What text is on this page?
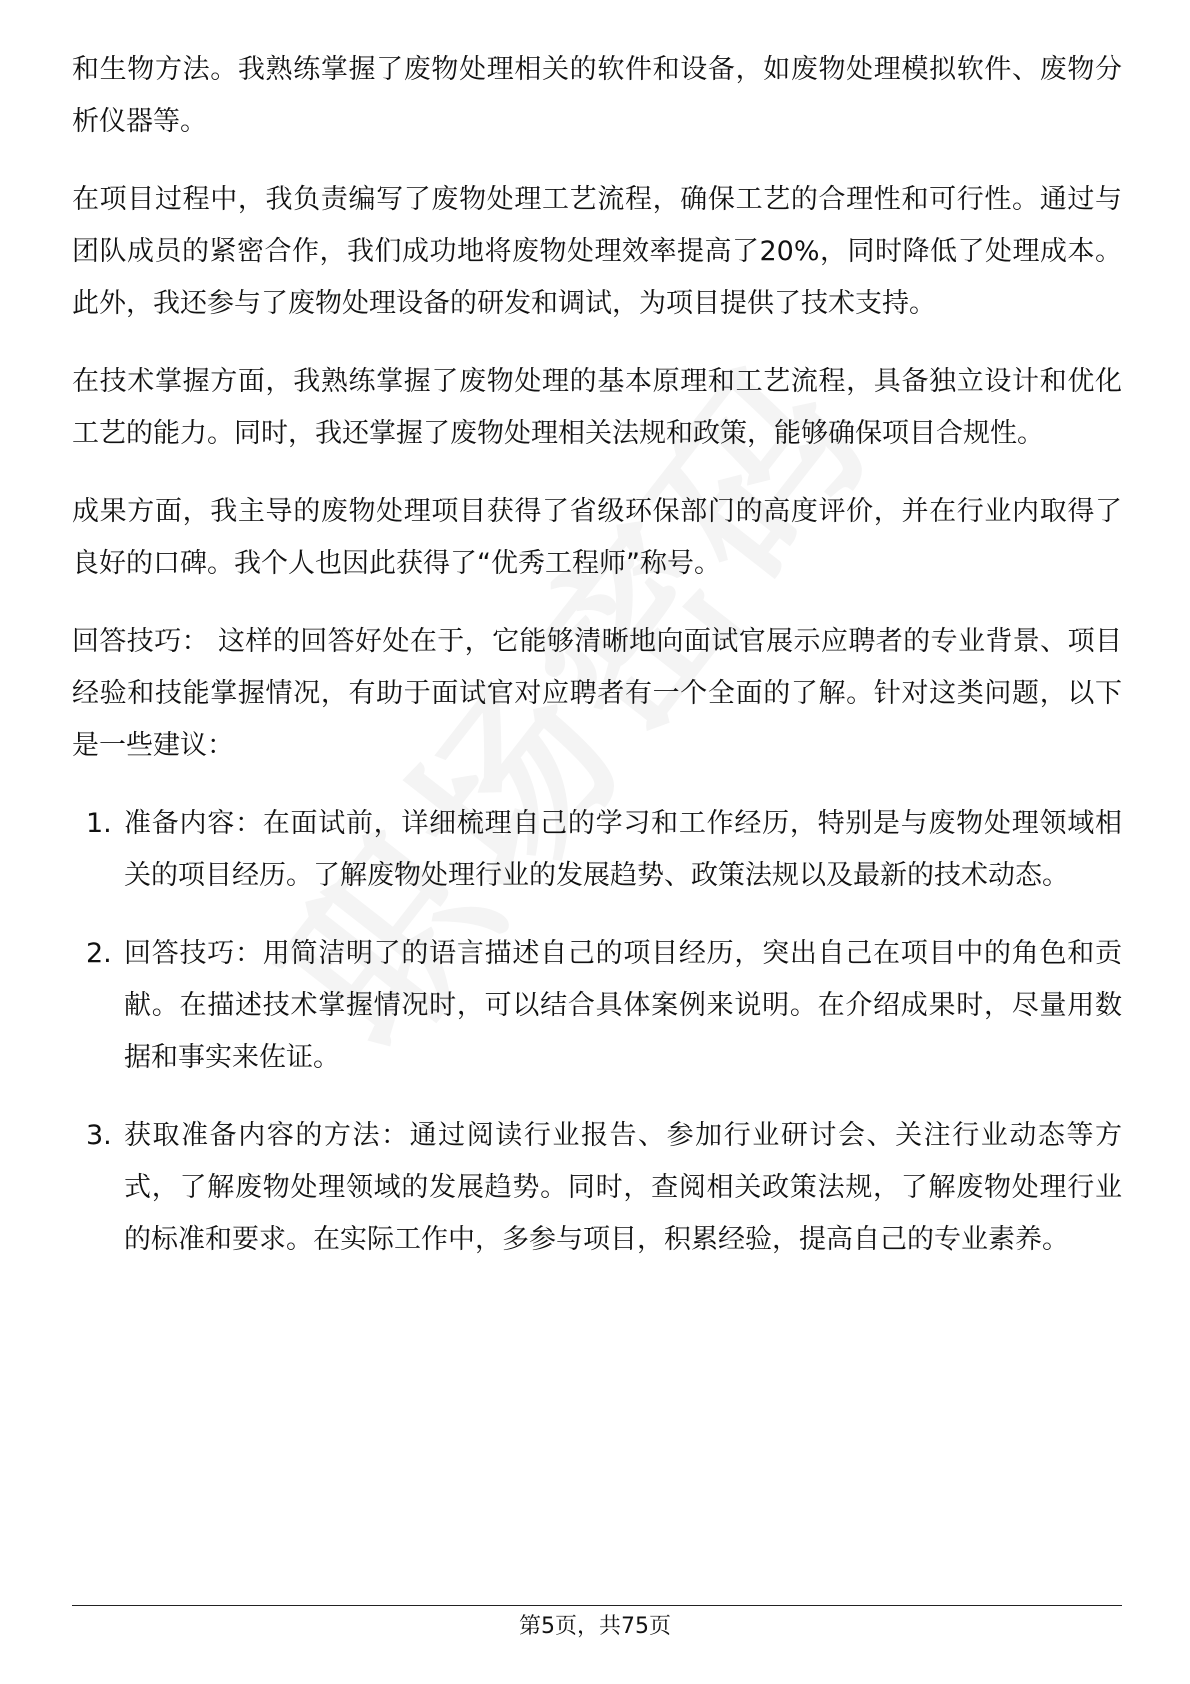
和生物方法。我熟练掌握了废物处理相关的软件和设备，如废物处理模拟软件、废物分析仪器等。

在项目过程中，我负责编写了废物处理工艺流程，确保工艺的合理性和可行性。通过与团队成员的紧密合作，我们成功地将废物处理效率提高了20%，同时降低了处理成本。此外，我还参与了废物处理设备的研发和调试，为项目提供了技术支持。

在技术掌握方面，我熟练掌握了废物处理的基本原理和工艺流程，具备独立设计和优化工艺的能力。同时，我还掌握了废物处理相关法规和政策，能够确保项目合规性。

成果方面，我主导的废物处理项目获得了省级环保部门的高度评价，并在行业内取得了良好的口碑。我个人也因此获得了“优秀工程师”称号。

回答技巧： 这样的回答好处在于，它能够清晰地向面试官展示应聘者的专业背景、项目经验和技能掌握情况，有助于面试官对应聘者有一个全面的了解。针对这类问题，以下是一些建议：

1. 准备内容：在面试前，详细梳理自己的学习和工作经历，特别是与废物处理领域相关的项目经历。了解废物处理行业的发展趋势、政策法规以及最新的技术动态。
2. 回答技巧：用简洁明了的语言描述自己的项目经历，突出自己在项目中的角色和贡献。在描述技术掌握情况时，可以结合具体案例来说明。在介绍成果时，尽量用数据和事实来佐证。
3. 获取准备内容的方法：通过阅读行业报告、参加行业研讨会、关注行业动态等方式，了解废物处理领域的发展趋势。同时，查阅相关政策法规，了解废物处理行业的标准和要求。在实际工作中，多参与项目，积累经验，提高自己的专业素养。
第5页，共75页
